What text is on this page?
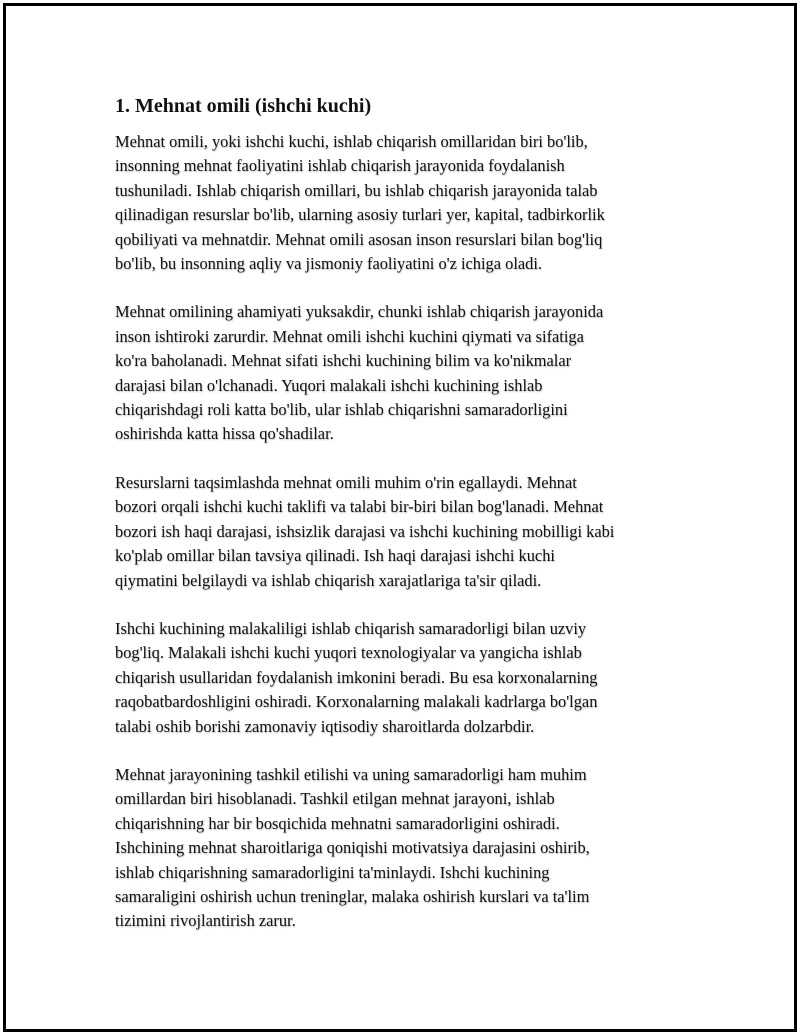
1. Mehnat omili (ishchi kuchi)

Mehnat omili, yoki ishchi kuchi, ishlab chiqarish omillaridan biri bo'lib,
insonning mehnat faoliyatini ishlab chiqarish jarayonida foydalanish
tushuniladi. Ishlab chiqarish omillari, bu ishlab chiqarish jarayonida talab
qilinadigan resurslar bo'lib, ularning asosiy turlari yer, kapital, tadbirkorlik
qobiliyati va mehnatdir. Mehnat omili asosan inson resurslari bilan bog'liq
bo'lib, bu insonning aqliy va jismoniy faoliyatini o'z ichiga oladi.

Mehnat omilining ahamiyati yuksakdir, chunki ishlab chiqarish jarayonida
inson ishtiroki zarurdir. Mehnat omili ishchi kuchini qiymati va sifatiga
ko'ra baholanadi. Mehnat sifati ishchi kuchining bilim va ko'nikmalar
darajasi bilan o'lchanadi. Yuqori malakali ishchi kuchining ishlab
chiqarishdagi roli katta bo'lib, ular ishlab chiqarishni samaradorligini
oshirishda katta hissa qo'shadilar.

Resurslarni taqsimlashda mehnat omili muhim o'rin egallaydi. Mehnat
bozori orqali ishchi kuchi taklifi va talabi bir-biri bilan bog'lanadi. Mehnat
bozori ish haqi darajasi, ishsizlik darajasi va ishchi kuchining mobilligi kabi
ko'plab omillar bilan tavsiya qilinadi. Ish haqi darajasi ishchi kuchi
qiymatini belgilaydi va ishlab chiqarish xarajatlariga ta'sir qiladi.

Ishchi kuchining malakaliligi ishlab chiqarish samaradorligi bilan uzviy
bog'liq. Malakali ishchi kuchi yuqori texnologiyalar va yangicha ishlab
chiqarish usullaridan foydalanish imkonini beradi. Bu esa korxonalarning
raqobatbardoshligini oshiradi. Korxonalarning malakali kadrlarga bo'lgan
talabi oshib borishi zamonaviy iqtisodiy sharoitlarda dolzarbdir.

Mehnat jarayonining tashkil etilishi va uning samaradorligi ham muhim
omillardan biri hisoblanadi. Tashkil etilgan mehnat jarayoni, ishlab
chiqarishning har bir bosqichida mehnatni samaradorligini oshiradi.
Ishchining mehnat sharoitlariga qoniqishi motivatsiya darajasini oshirib,
ishlab chiqarishning samaradorligini ta'minlaydi. Ishchi kuchining
samaraligini oshirish uchun treninglar, malaka oshirish kurslari va ta'lim
tizimini rivojlantirish zarur.
